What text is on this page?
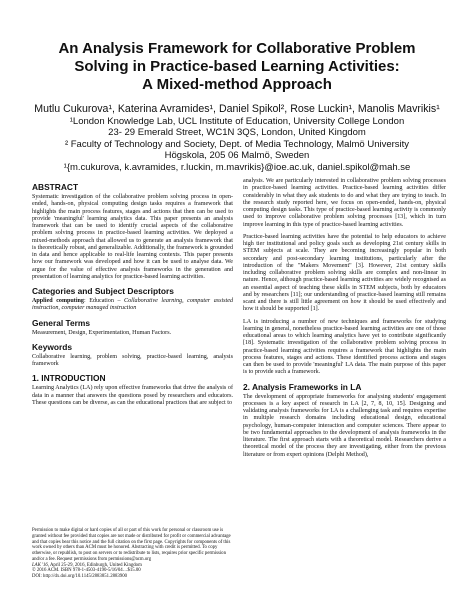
An Analysis Framework for Collaborative Problem
Solving in Practice-based Learning Activities:
A Mixed-method Approach
Mutlu Cukurova¹, Katerina Avramides¹, Daniel Spikol², Rose Luckin¹, Manolis Mavrikis¹
¹London Knowledge Lab, UCL Institute of Education, University College London
23- 29 Emerald Street, WC1N 3QS, London, United Kingdom
² Faculty of Technology and Society, Dept. of Media Technology, Malmö University
Högskola, 205 06 Malmö, Sweden
¹{m.cukurova, k.avramides, r.luckin, m.mavrikis}@ioe.ac.uk, daniel.spikol@mah.se
ABSTRACT

Systematic investigation of the collaborative problem solving process in open-ended, hands-on, physical computing design tasks requires a framework that highlights the main process features, stages and actions that then can be used to provide 'meaningful' learning analytics data. This paper presents an analysis framework that can be used to identify crucial aspects of the collaborative problem solving process in practice-based learning activities. We deployed a mixed-methods approach that allowed us to generate an analysis framework that is theoretically robust, and generalizable. Additionally, the framework is grounded in data and hence applicable to real-life learning contexts. This paper presents how our framework was developed and how it can be used to analyse data. We argue for the value of effective analysis frameworks in the generation and presentation of learning analytics for practice-based learning activities.

Categories and Subject Descriptors

Applied computing: Education – Collaborative learning, computer assisted instruction, computer managed instruction

General Terms

Measurement, Design, Experimentation, Human Factors.

Keywords

Collaborative learning, problem solving, practice-based learning, analysis framework

1. INTRODUCTION

Learning Analytics (LA) rely upon effective frameworks that drive the analysis of data in a manner that answers the questions posed by researchers and educators. These questions can be diverse, as can the educational practices that are subject to

Permission to make digital or hard copies of all or part of this work for personal or classroom use is granted without fee provided that copies are not made or distributed for profit or commercial advantage and that copies bear this notice and the full citation on the first page. Copyrights for components of this work owned by others than ACM must be honored. Abstracting with credit is permitted. To copy otherwise, or republish, to post on servers or to redistribute to lists, requires prior specific permission and/or a fee. Request permissions from permissions@acm.org

LAK '16, April 25-29, 2016, Edinburgh, United Kingdom

© 2016 ACM. ISBN 978-1-4503-4190-5/16/04…$15.00

DOI: http://dx.doi.org/10.1145/2883851.2883900

analysis. We are particularly interested in collaborative problem solving processes in practice-based learning activities. Practice-based learning activities differ considerably in what they ask students to do and what they are trying to teach. In the research study reported here, we focus on open-ended, hands-on, physical computing design tasks. This type of practice-based learning activity is commonly used to improve collaborative problem solving processes [13], which in turn improve learning in this type of practice-based learning activities.

Practice-based learning activities have the potential to help educators to achieve high tier institutional and policy goals such as developing 21st century skills in STEM subjects at scale. They are becoming increasingly popular in both secondary and post-secondary learning institutions, particularly after the introduction of the "Makers Movement" [3]. However, 21st century skills including collaborative problem solving skills are complex and non-linear in nature. Hence, although practice-based learning activities are widely recognised as an essential aspect of teaching these skills in STEM subjects, both by educators and by researchers [11]; our understanding of practice-based learning still remains scant and there is still little agreement on how it should be used effectively and how it should be supported [1].

LA is introducing a number of new techniques and frameworks for studying learning in general, nonetheless practice-based learning activities are one of those educational areas to which learning analytics have yet to contribute significantly [18]. Systematic investigation of the collaborative problem solving process in practice-based learning activities requires a framework that highlights the main process features, stages and actions. These identified process actions and stages can then be used to provide 'meaningful' LA data. The main purpose of this paper is to provide such a framework.

2. Analysis Frameworks in LA

The development of appropriate frameworks for analysing students' engagement processes is a key aspect of research in LA [2, 7, 8, 10, 15]. Designing and validating analysis frameworks for LA is a challenging task and requires expertise in multiple research domains including educational design, educational psychology, human-computer interaction and computer sciences. There appear to be two fundamental approaches to the development of analysis frameworks in the literature. The first approach starts with a theoretical model. Researchers derive a theoretical model of the process they are investigating, either from the previous literature or from expert opinions (Delphi Method),
